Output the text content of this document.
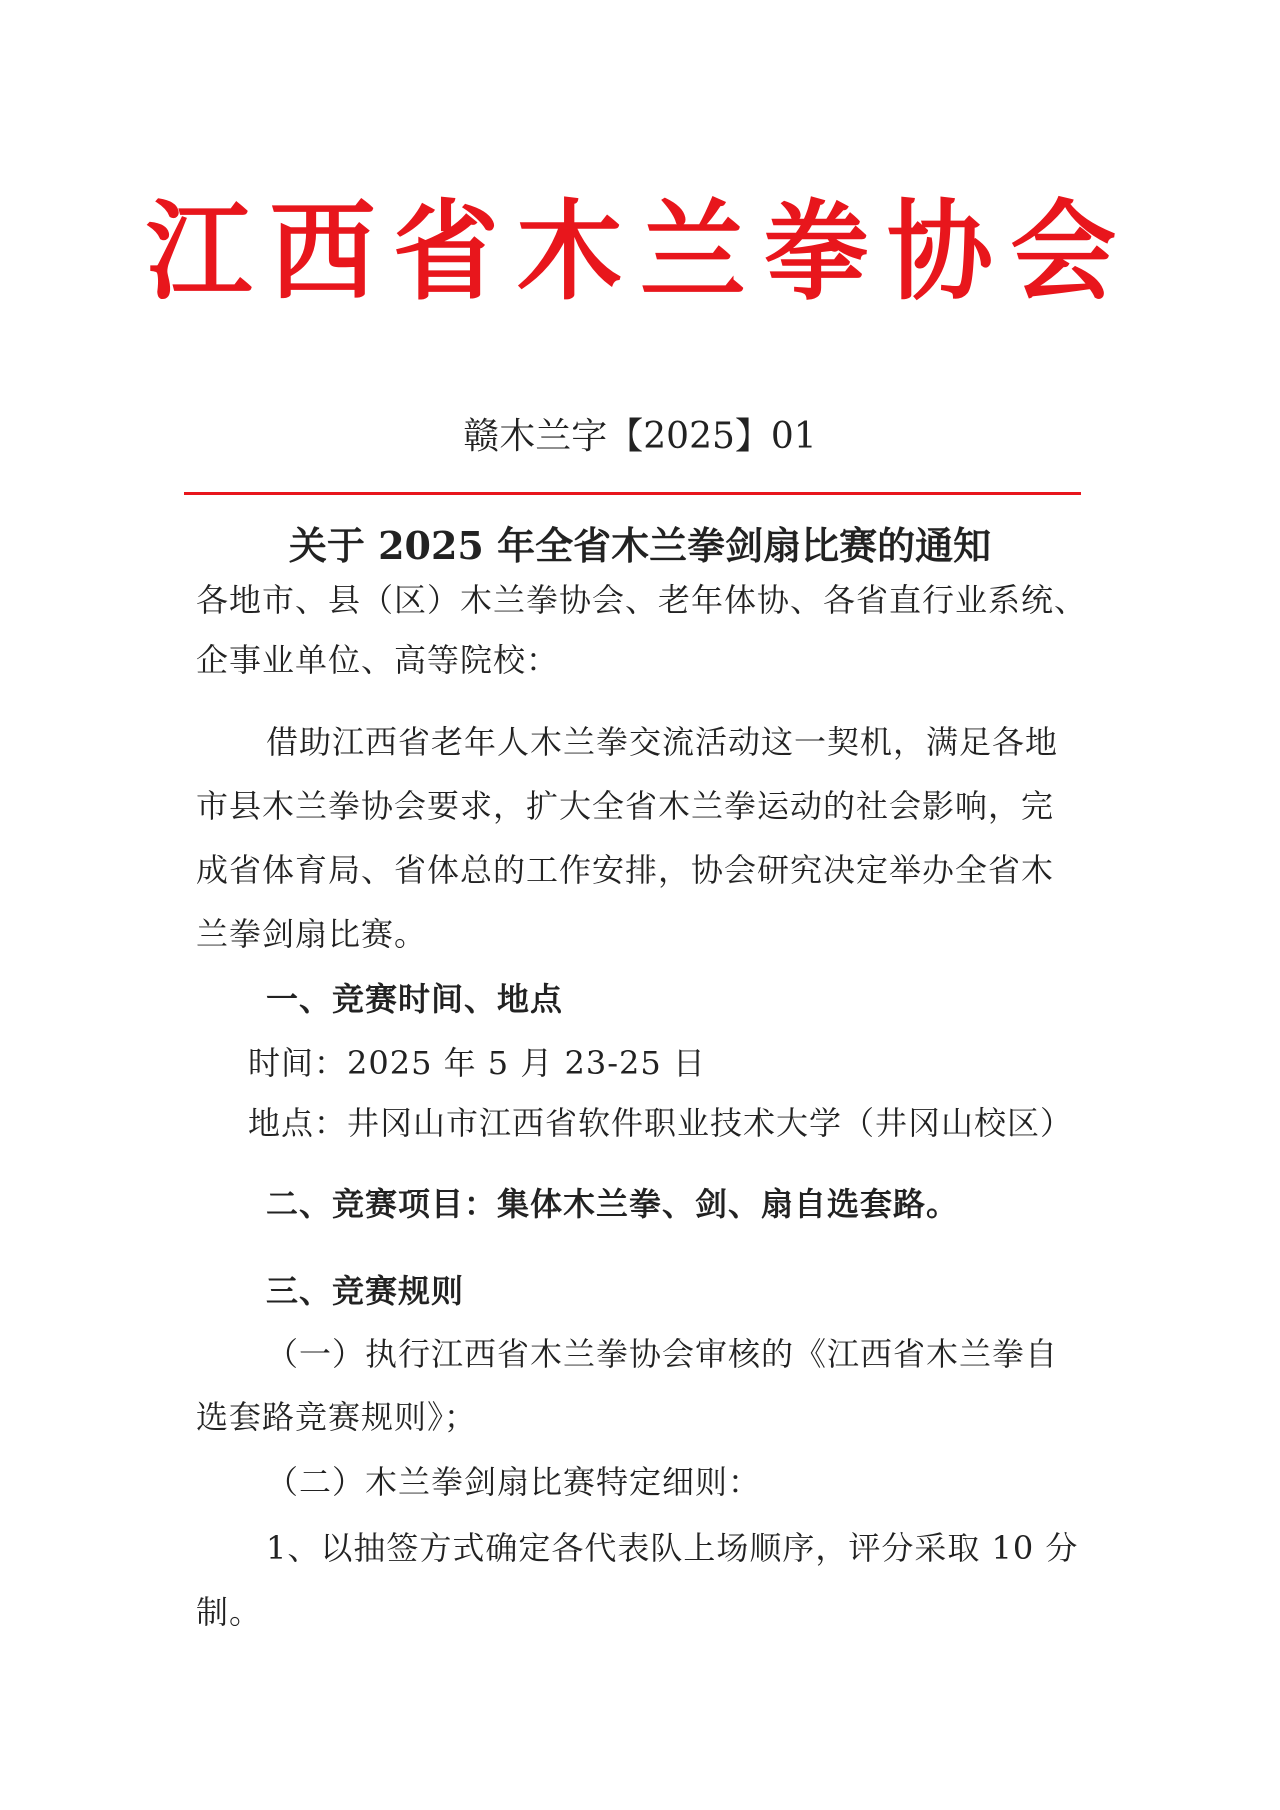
江西省木兰拳协会
赣木兰字【2025】01
关于 2025 年全省木兰拳剑扇比赛的通知
各地市、县（区）木兰拳协会、老年体协、各省直行业系统、
企事业单位、高等院校：
借助江西省老年人木兰拳交流活动这一契机，满足各地
市县木兰拳协会要求，扩大全省木兰拳运动的社会影响，完
成省体育局、省体总的工作安排，协会研究决定举办全省木
兰拳剑扇比赛。
一、竞赛时间、地点
时间：2025 年 5 月 23-25 日
地点：井冈山市江西省软件职业技术大学（井冈山校区）
二、竞赛项目：集体木兰拳、剑、扇自选套路。
三、竞赛规则
（一）执行江西省木兰拳协会审核的《江西省木兰拳自
选套路竞赛规则》；
（二）木兰拳剑扇比赛特定细则：
1、以抽签方式确定各代表队上场顺序，评分采取 10 分
制。
